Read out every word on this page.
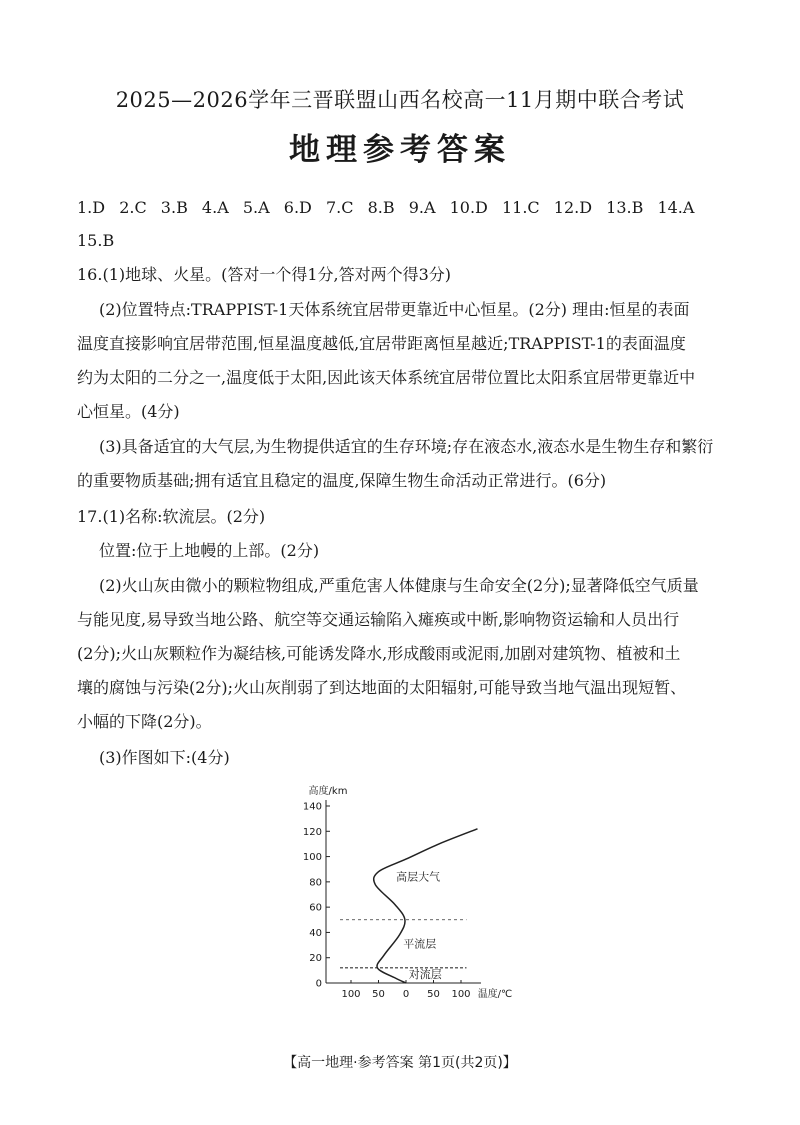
2025—2026学年三晋联盟山西名校高一11月期中联合考试
地理参考答案
1.D 2.C 3.B 4.A 5.A 6.D 7.C 8.B 9.A 10.D 11.C 12.D 13.B 14.A
15.B
16.(1)地球、火星。(答对一个得1分,答对两个得3分)
(2)位置特点:TRAPPIST-1天体系统宜居带更靠近中心恒星。(2分) 理由:恒星的表面
温度直接影响宜居带范围,恒星温度越低,宜居带距离恒星越近;TRAPPIST-1的表面温度
约为太阳的二分之一,温度低于太阳,因此该天体系统宜居带位置比太阳系宜居带更靠近中
心恒星。(4分)
(3)具备适宜的大气层,为生物提供适宜的生存环境;存在液态水,液态水是生物生存和繁衍
的重要物质基础;拥有适宜且稳定的温度,保障生物生命活动正常进行。(6分)
17.(1)名称:软流层。(2分)
位置:位于上地幔的上部。(2分)
(2)火山灰由微小的颗粒物组成,严重危害人体健康与生命安全(2分);显著降低空气质量
与能见度,易导致当地公路、航空等交通运输陷入瘫痪或中断,影响物资运输和人员出行
(2分);火山灰颗粒作为凝结核,可能诱发降水,形成酸雨或泥雨,加剧对建筑物、植被和土
壤的腐蚀与污染(2分);火山灰削弱了到达地面的太阳辐射,可能导致当地气温出现短暂、
小幅的下降(2分)。
(3)作图如下:(4分)
0
20
40
60
80
100
120
140
100 50 0 50 100
高度/km
温度/℃
高层大气
平流层
对流层
【高一地理·参考答案 第1页(共2页)】
